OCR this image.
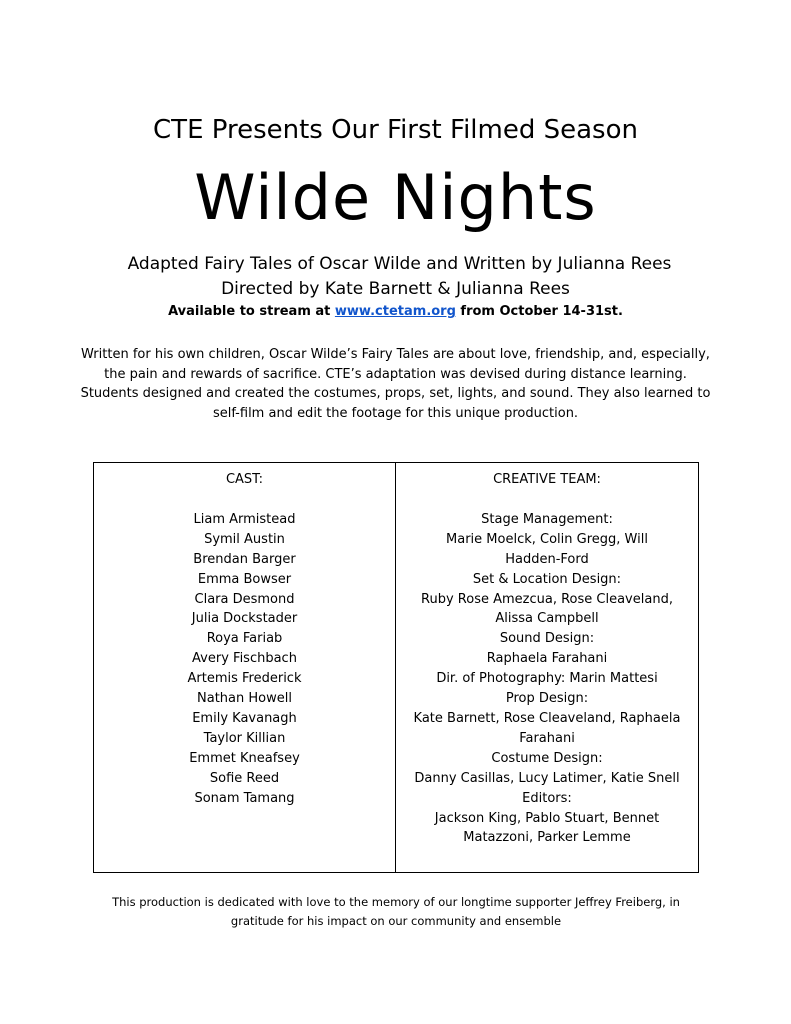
CTE Presents Our First Filmed Season
Wilde Nights
Adapted Fairy Tales of Oscar Wilde and Written by Julianna Rees
Directed by Kate Barnett & Julianna Rees
Available to stream at www.ctetam.org from October 14-31st.
Written for his own children, Oscar Wilde’s Fairy Tales are about love, friendship, and, especially, the pain and rewards of sacrifice. CTE’s adaptation was devised during distance learning. Students designed and created the costumes, props, set, lights, and sound. They also learned to self-film and edit the footage for this unique production.
CAST:
Liam Armistead
Symil Austin
Brendan Barger
Emma Bowser
Clara Desmond
Julia Dockstader
Roya Fariab
Avery Fischbach
Artemis Frederick
Nathan Howell
Emily Kavanagh
Taylor Killian
Emmet Kneafsey
Sofie Reed
Sonam Tamang
CREATIVE TEAM:
Stage Management:
Marie Moelck, Colin Gregg, Will
Hadden-Ford
Set & Location Design:
Ruby Rose Amezcua, Rose Cleaveland,
Alissa Campbell
Sound Design:
Raphaela Farahani
Dir. of Photography: Marin Mattesi
Prop Design:
Kate Barnett, Rose Cleaveland, Raphaela
Farahani
Costume Design:
Danny Casillas, Lucy Latimer, Katie Snell
Editors:
Jackson King, Pablo Stuart, Bennet
Matazzoni, Parker Lemme
This production is dedicated with love to the memory of our longtime supporter Jeffrey Freiberg, in gratitude for his impact on our community and ensemble
